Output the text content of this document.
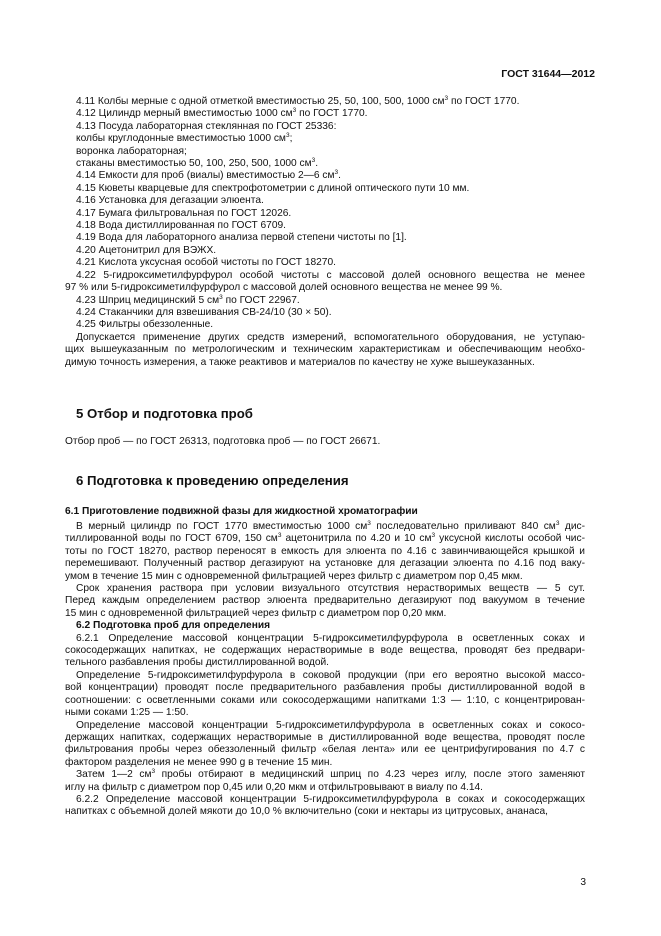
ГОСТ 31644—2012
4.11 Колбы мерные с одной отметкой вместимостью 25, 50, 100, 500, 1000 $см^3$ по ГОСТ 1770.
4.12 Цилиндр мерный вместимостью 1000 $см^3$ по ГОСТ 1770.
4.13 Посуда лабораторная стеклянная по ГОСТ 25336:
колбы круглодонные вместимостью 1000 $см^3$;
воронка лабораторная;
стаканы вместимостью 50, 100, 250, 500, 1000 $см^3$.
4.14 Емкости для проб (виалы) вместимостью 2—6 $см^3$.
4.15 Кюветы кварцевые для спектрофотометрии с длиной оптического пути 10 мм.
4.16 Установка для дегазации элюента.
4.17 Бумага фильтровальная по ГОСТ 12026.
4.18 Вода дистиллированная по ГОСТ 6709.
4.19 Вода для лабораторного анализа первой степени чистоты по [1].
4.20 Ацетонитрил для ВЭЖХ.
4.21 Кислота уксусная особой чистоты по ГОСТ 18270.
4.22 5-гидроксиметилфурфурол особой чистоты с массовой долей основного вещества не менее
97 % или 5-гидроксиметилфурфурол с массовой долей основного вещества не менее 99 %.
4.23 Шприц медицинский 5 $см^3$ по ГОСТ 22967.
4.24 Стаканчики для взвешивания СВ-24/10 (30 × 50).
4.25 Фильтры обеззоленные.
Допускается применение других средств измерений, вспомогательного оборудования, не уступаю-
щих вышеуказанным по метрологическим и техническим характеристикам и обеспечивающим необхо-
димую точность измерения, а также реактивов и материалов по качеству не хуже вышеуказанных.
5 Отбор и подготовка проб
Отбор проб — по ГОСТ 26313, подготовка проб — по ГОСТ 26671.
6 Подготовка к проведению определения
6.1 Приготовление подвижной фазы для жидкостной хроматографии
В мерный цилиндр по ГОСТ 1770 вместимостью 1000 $см^3$ последовательно приливают 840 $см^3$ дис-
тиллированной воды по ГОСТ 6709, 150 $см^3$ ацетонитрила по 4.20 и 10 $см^3$ уксусной кислоты особой чис-
тоты по ГОСТ 18270, раствор переносят в емкость для элюента по 4.16 с завинчивающейся крышкой и
перемешивают. Полученный раствор дегазируют на установке для дегазации элюента по 4.16 под ваку-
умом в течение 15 мин с одновременной фильтрацией через фильтр с диаметром пор 0,45 мкм.
Срок хранения раствора при условии визуального отсутствия нерастворимых веществ — 5 сут.
Перед каждым определением раствор элюента предварительно дегазируют под вакуумом в течение
15 мин с одновременной фильтрацией через фильтр с диаметром пор 0,20 мкм.
6.2 Подготовка проб для определения
6.2.1 Определение массовой концентрации 5-гидроксиметилфурфурола в осветленных соках и
сокосодержащих напитках, не содержащих нерастворимые в воде вещества, проводят без предвари-
тельного разбавления пробы дистиллированной водой.
Определение 5-гидроксиметилфурфурола в соковой продукции (при его вероятно высокой массо-
вой концентрации) проводят после предварительного разбавления пробы дистиллированной водой в
соотношении: с осветленными соками или сокосодержащими напитками 1:3 — 1:10, с концентрирован-
ными соками 1:25 — 1:50.
Определение массовой концентрации 5-гидроксиметилфурфурола в осветленных соках и сокосо-
держащих напитках, содержащих нерастворимые в дистиллированной воде вещества, проводят после
фильтрования пробы через обеззоленный фильтр «белая лента» или ее центрифугирования по 4.7 с
фактором разделения не менее 990 g в течение 15 мин.
Затем 1—2 $см^3$ пробы отбирают в медицинский шприц по 4.23 через иглу, после этого заменяют
иглу на фильтр с диаметром пор 0,45 или 0,20 мкм и отфильтровывают в виалу по 4.14.
6.2.2 Определение массовой концентрации 5-гидроксиметилфурфурола в соках и сокосодержащих
напитках с объемной долей мякоти до 10,0 % включительно (соки и нектары из цитрусовых, ананаса,
3
